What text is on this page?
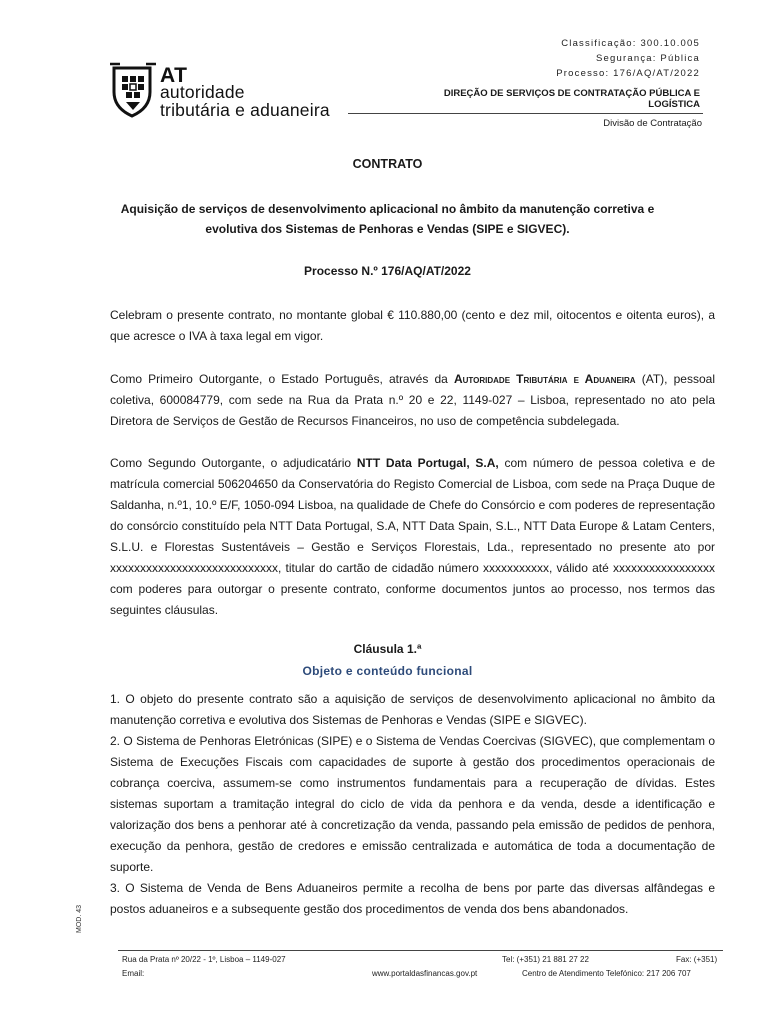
AT
autoridade
tributária e aduaneira
Classificação: 300.10.005
Segurança: Pública
Processo: 176/AQ/AT/2022
DIREÇÃO DE SERVIÇOS DE CONTRATAÇÃO PÚBLICA E LOGÍSTICA
Divisão de Contratação
CONTRATO
Aquisição de serviços de desenvolvimento aplicacional no âmbito da manutenção corretiva e
evolutiva dos Sistemas de Penhoras e Vendas (SIPE e SIGVEC).
Processo N.º 176/AQ/AT/2022

Celebram o presente contrato, no montante global € 110.880,00 (cento e dez mil, oitocentos e oitenta euros), a que acresce o IVA à taxa legal em vigor.

Como Primeiro Outorgante, o Estado Português, através da Autoridade Tributária e Aduaneira (AT), pessoal coletiva, 600084779, com sede na Rua da Prata n.º 20 e 22, 1149-027 – Lisboa, representado no ato pela Diretora de Serviços de Gestão de Recursos Financeiros, no uso de competência subdelegada.

Como Segundo Outorgante, o adjudicatário NTT Data Portugal, S.A, com número de pessoa coletiva e de matrícula comercial 506204650 da Conservatória do Registo Comercial de Lisboa, com sede na Praça Duque de Saldanha, n.º1, 10.º E/F, 1050-094 Lisboa, na qualidade de Chefe do Consórcio e com poderes de representação do consórcio constituído pela NTT Data Portugal, S.A, NTT Data Spain, S.L., NTT Data Europe & Latam Centers, S.L.U. e Florestas Sustentáveis – Gestão e Serviços Florestais, Lda., representado no presente ato por xxxxxxxxxxxxxxxxxxxxxxxxxxxx, titular do cartão de cidadão número xxxxxxxxxxx, válido até xxxxxxxxxxxxxxxxx com poderes para outorgar o presente contrato, conforme documentos juntos ao processo, nos termos das seguintes cláusulas.

Cláusula 1.ª
Objeto e conteúdo funcional

1. O objeto do presente contrato são a aquisição de serviços de desenvolvimento aplicacional no âmbito da manutenção corretiva e evolutiva dos Sistemas de Penhoras e Vendas (SIPE e SIGVEC).

2. O Sistema de Penhoras Eletrónicas (SIPE) e o Sistema de Vendas Coercivas (SIGVEC), que complementam o Sistema de Execuções Fiscais com capacidades de suporte à gestão dos procedimentos operacionais de cobrança coerciva, assumem-se como instrumentos fundamentais para a recuperação de dívidas. Estes sistemas suportam a tramitação integral do ciclo de vida da penhora e da venda, desde a identificação e valorização dos bens a penhorar até à concretização da venda, passando pela emissão de pedidos de penhora, execução da penhora, gestão de credores e emissão centralizada e automática de toda a documentação de suporte.

3. O Sistema de Venda de Bens Aduaneiros permite a recolha de bens por parte das diversas alfândegas e postos aduaneiros e a subsequente gestão dos procedimentos de venda dos bens abandonados.

MOD. 43
Rua da Prata nº 20/22 - 1º, Lisboa – 1149-027	Tel: (+351) 21 881 27 22	Fax: (+351)
Email:	www.portaldasfinancas.gov.pt	Centro de Atendimento Telefónico: 217 206 707
